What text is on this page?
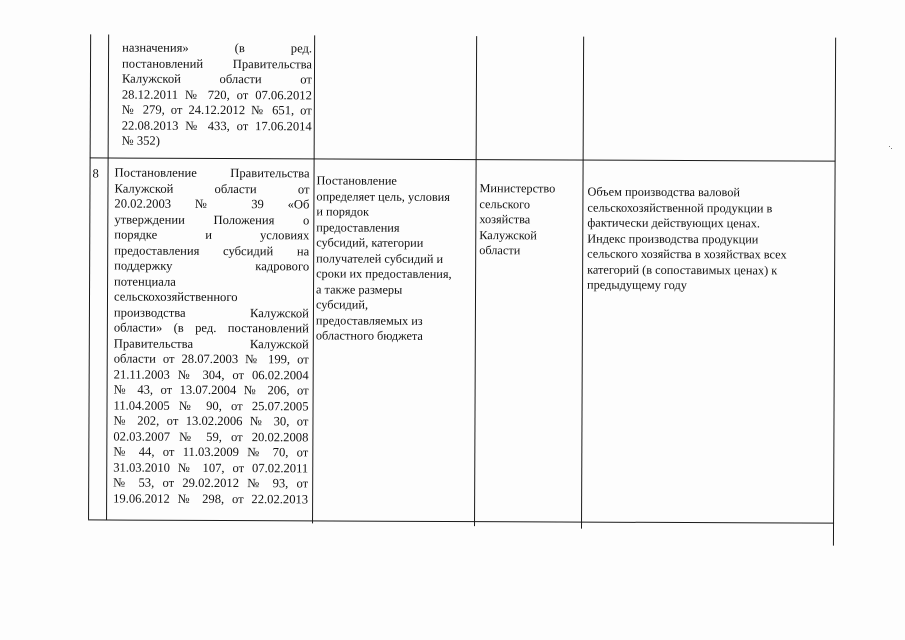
назначения» (в ред.
постановлений Правительства
Калужской области от
28.12.2011 № 720, от 07.06.2012
№ 279, от 24.12.2012 № 651, от
22.08.2013 № 433, от 17.06.2014
№ 352)
8 Постановление Правительства
Калужской области от
20.02.2003 № 39 «Об
утверждении Положения о
порядке и условиях
предоставления субсидий на
поддержку кадрового
потенциала
сельскохозяйственного
производства Калужской
области» (в ред. постановлений
Правительства Калужской
области от 28.07.2003 № 199, от
21.11.2003 № 304, от 06.02.2004
№ 43, от 13.07.2004 № 206, от
11.04.2005 № 90, от 25.07.2005
№ 202, от 13.02.2006 № 30, от
02.03.2007 № 59, от 20.02.2008
№ 44, от 11.03.2009 № 70, от
31.03.2010 № 107, от 07.02.2011
№ 53, от 29.02.2012 № 93, от
19.06.2012 № 298, от 22.02.2013
Постановление
определяет цель, условия
и порядок
предоставления
субсидий, категории
получателей субсидий и
сроки их предоставления,
а также размеры
субсидий,
предоставляемых из
областного бюджета
Министерство
сельского
хозяйства
Калужской
области
Объем производства валовой
сельскохозяйственной продукции в
фактически действующих ценах.
Индекс производства продукции
сельского хозяйства в хозяйствах всех
категорий (в сопоставимых ценах) к
предыдущему году
